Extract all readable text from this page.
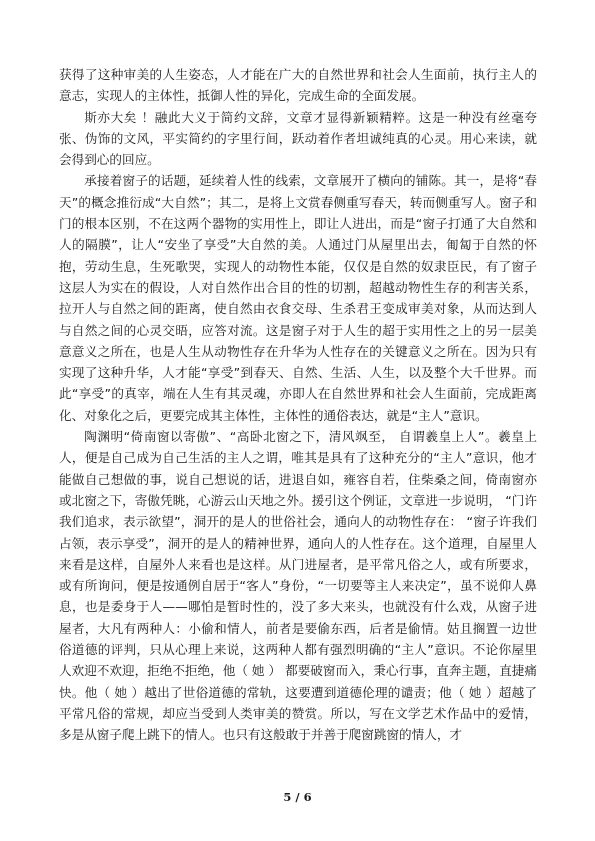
获得了这种审美的人生姿态，人才能在广大的自然世界和社会人生面前，执行主人的意志，实现人的主体性，抵御人性的异化，完成生命的全面发展。

斯亦大矣 ！融此大义于简约文辞，文章才显得新颖精粹。这是一种没有丝毫夸张、伪饰的文风，平实简约的字里行间，跃动着作者坦诚纯真的心灵。用心来读，就会得到心的回应。

承接着窗子的话题，延续着人性的线索，文章展开了横向的铺陈。其一，是将“春天”的概念推衍成“大自然”；其二，是将上文赏春侧重写春天，转而侧重写人。窗子和门的根本区别，不在这两个器物的实用性上，即让人进出，而是“窗子打通了大自然和人的隔膜”，让人“安坐了享受”大自然的美。人通过门从屋里出去，匍匐于自然的怀抱，劳动生息，生死歌哭，实现人的动物性本能，仅仅是自然的奴隶臣民，有了窗子这层人为实在的假设，人对自然作出合目的性的切割，超越动物性生存的利害关系，拉开人与自然之间的距离，使自然由衣食交母、生杀君王变成审美对象，从而达到人与自然之间的心灵交晤，应答对流。这是窗子对于人生的超于实用性之上的另一层美意意义之所在，也是人生从动物性存在升华为人性存在的关键意义之所在。因为只有实现了这种升华，人才能“享受”到春天、自然、生活、人生，以及整个大千世界。而此“享受”的真宰，端在人生有其灵魂，亦即人在自然世界和社会人生面前，完成距离化、对象化之后，更要完成其主体性，主体性的通俗表达，就是“主人”意识。

陶渊明“倚南窗以寄傲”、“高卧北窗之下，清风飒至， 自谓羲皇上人”。羲皇上人，便是自己成为自己生活的主人之谓，唯其是具有了这种充分的“主人”意识，他才能做自己想做的事，说自己想说的话，进退自如，雍容自若，住柴桑之间，倚南窗亦或北窗之下，寄傲凭眺，心游云山天地之外。援引这个例证，文章进一步说明， “门许我们追求，表示欲望”，洞开的是人的世俗社会，通向人的动物性存在： “窗子许我们占领，表示享受”，洞开的是人的精神世界，通向人的人性存在。这个道理，自屋里人来看是这样，自屋外人来看也是这样。从门进屋者，是平常凡俗之人，或有所要求，或有所询问，便是按通例自居于“客人”身份，“一切要等主人来决定”，虽不说仰人鼻息，也是委身于人——哪怕是暂时性的，没了多大来头，也就没有什么戏，从窗子进屋者，大凡有两种人：小偷和情人，前者是要偷东西，后者是偷情。姑且搁置一边世俗道德的评判，只从心理上来说，这两种人都有强烈明确的“主人”意识。不论你屋里人欢迎不欢迎，拒绝不拒绝，他（ 她 ） 都要破窗而入，秉心行事，直奔主题，直捷痛快。他（ 她 ）越出了世俗道德的常轨，这要遭到道德伦理的谴责；他（ 她 ）超越了平常凡俗的常规，却应当受到人类审美的赞赏。所以，写在文学艺术作品中的爱情，多是从窗子爬上跳下的情人。也只有这般敢于并善于爬窗跳窗的情人，才

5 / 6
